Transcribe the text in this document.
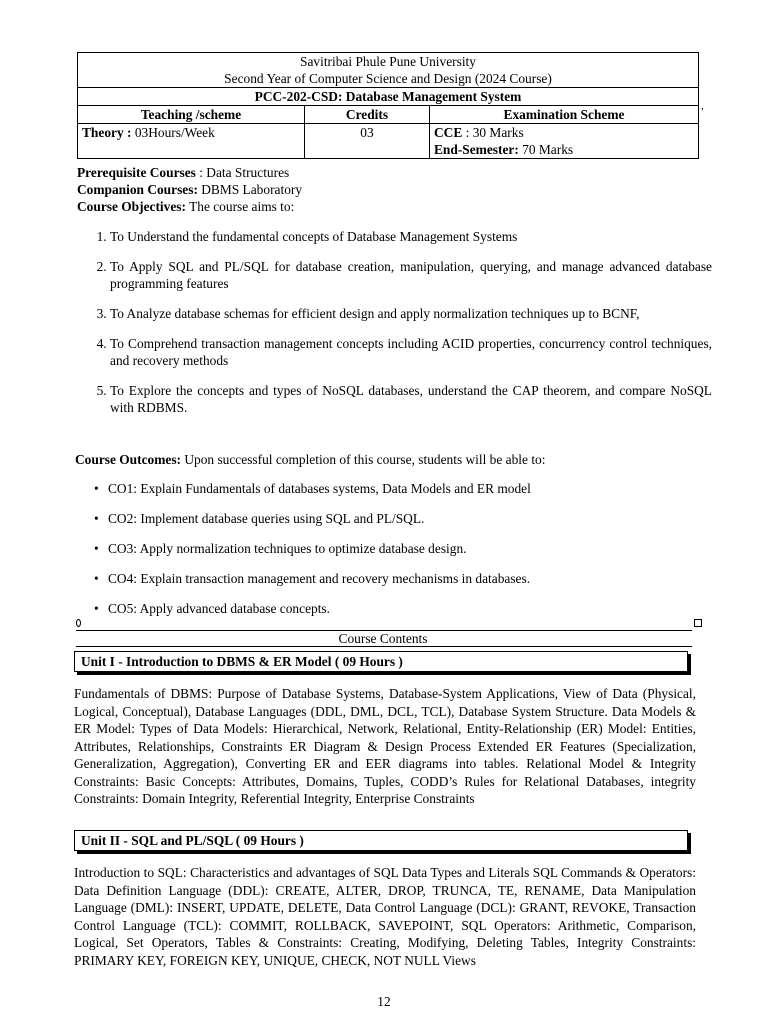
Savitribai Phule Pune University
Second Year of Computer Science and Design (2024 Course)		

PCC-202-CSD: Database Management System		
Teaching /scheme	Credits	Examination Scheme
Theory : 03Hours/Week	03	CCE : 30 Marks
End-Semester: 70 Marks
,
Prerequisite Courses : Data Structures
Companion Courses: DBMS Laboratory
Course Objectives: The course aims to:
1. To Understand the fundamental concepts of Database Management Systems
2. To Apply SQL and PL/SQL for database creation, manipulation, querying, and manage advanced database programming features
3. To Analyze database schemas for efficient design and apply normalization techniques up to BCNF,
4. To Comprehend transaction management concepts including ACID properties, concurrency control techniques, and recovery methods
5. To Explore the concepts and types of NoSQL databases, understand the CAP theorem, and compare NoSQL with RDBMS.
Course Outcomes: Upon successful completion of this course, students will be able to:
• CO1: Explain Fundamentals of databases systems, Data Models and ER model
• CO2: Implement database queries using SQL and PL/SQL.
• CO3: Apply normalization techniques to optimize database design.
• CO4: Explain transaction management and recovery mechanisms in databases.
• CO5: Apply advanced database concepts.
Course Contents
Unit I - Introduction to DBMS & ER Model ( 09 Hours )
Fundamentals of DBMS: Purpose of Database Systems, Database-System Applications, View of Data (Physical, Logical, Conceptual), Database Languages (DDL, DML, DCL, TCL), Database System Structure. Data Models & ER Model: Types of Data Models: Hierarchical, Network, Relational, Entity-Relationship (ER) Model: Entities, Attributes, Relationships, Constraints ER Diagram & Design Process Extended ER Features (Specialization, Generalization, Aggregation), Converting ER and EER diagrams into tables. Relational Model & Integrity Constraints: Basic Concepts: Attributes, Domains, Tuples, CODD’s Rules for Relational Databases, integrity Constraints: Domain Integrity, Referential Integrity, Enterprise Constraints
Unit II - SQL and PL/SQL ( 09 Hours )
Introduction to SQL: Characteristics and advantages of SQL Data Types and Literals SQL Commands & Operators: Data Definition Language (DDL): CREATE, ALTER, DROP, TRUNCA, TE, RENAME, Data Manipulation Language (DML): INSERT, UPDATE, DELETE, Data Control Language (DCL): GRANT, REVOKE, Transaction Control Language (TCL): COMMIT, ROLLBACK, SAVEPOINT, SQL Operators: Arithmetic, Comparison, Logical, Set Operators, Tables & Constraints: Creating, Modifying, Deleting Tables, Integrity Constraints: PRIMARY KEY, FOREIGN KEY, UNIQUE, CHECK, NOT NULL Views
12
